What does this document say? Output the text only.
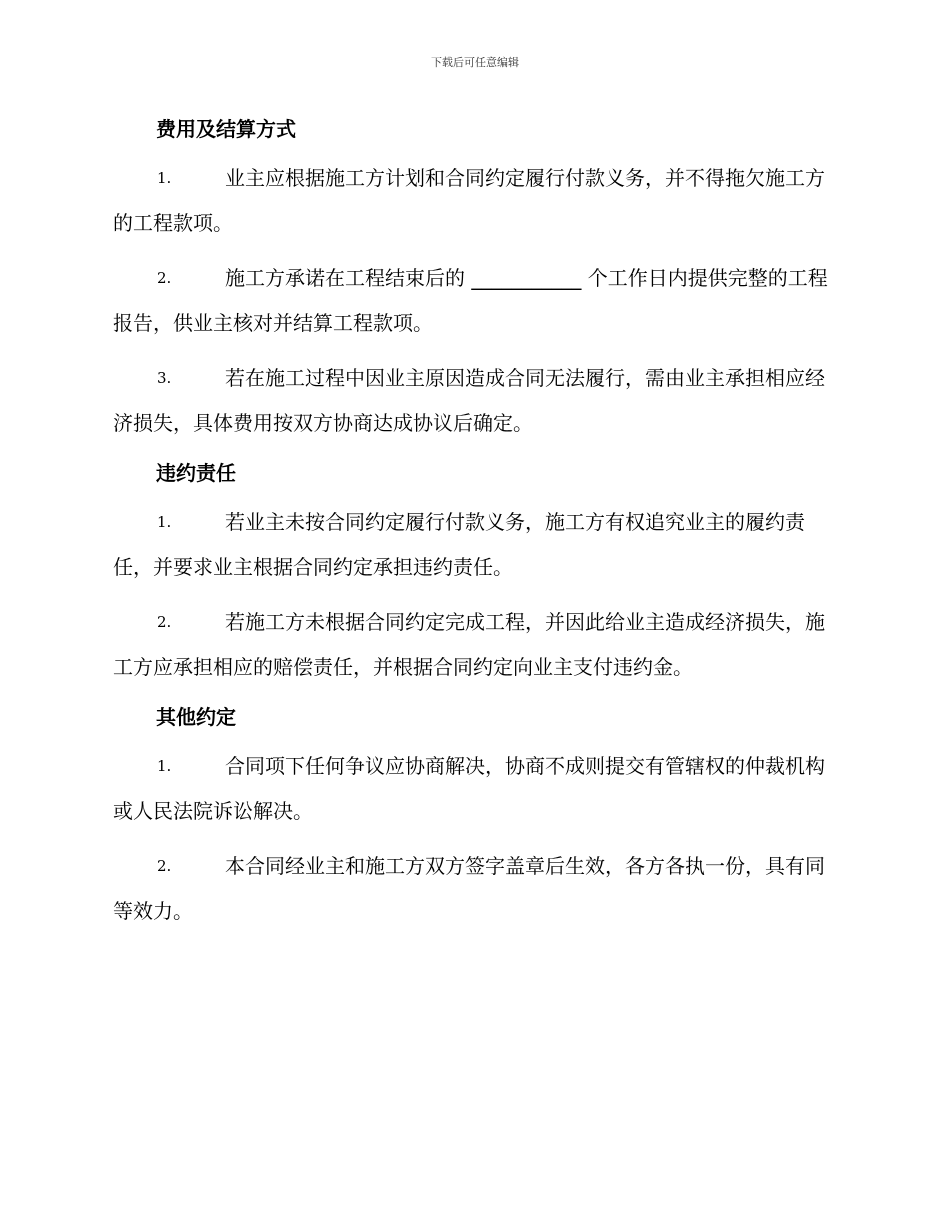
下载后可任意编辑
费用及结算方式
1.	业主应根据施工方计划和合同约定履行付款义务，并不得拖欠施工方的工程款项。
2.	施工方承诺在工程结束后的 ___________ 个工作日内提供完整的工程报告，供业主核对并结算工程款项。
3.	若在施工过程中因业主原因造成合同无法履行，需由业主承担相应经济损失，具体费用按双方协商达成协议后确定。
违约责任
1.	若业主未按合同约定履行付款义务，施工方有权追究业主的履约责任，并要求业主根据合同约定承担违约责任。
2.	若施工方未根据合同约定完成工程，并因此给业主造成经济损失，施工方应承担相应的赔偿责任，并根据合同约定向业主支付违约金。
其他约定
1.	合同项下任何争议应协商解决，协商不成则提交有管辖权的仲裁机构或人民法院诉讼解决。
2.	本合同经业主和施工方双方签字盖章后生效，各方各执一份，具有同等效力。
